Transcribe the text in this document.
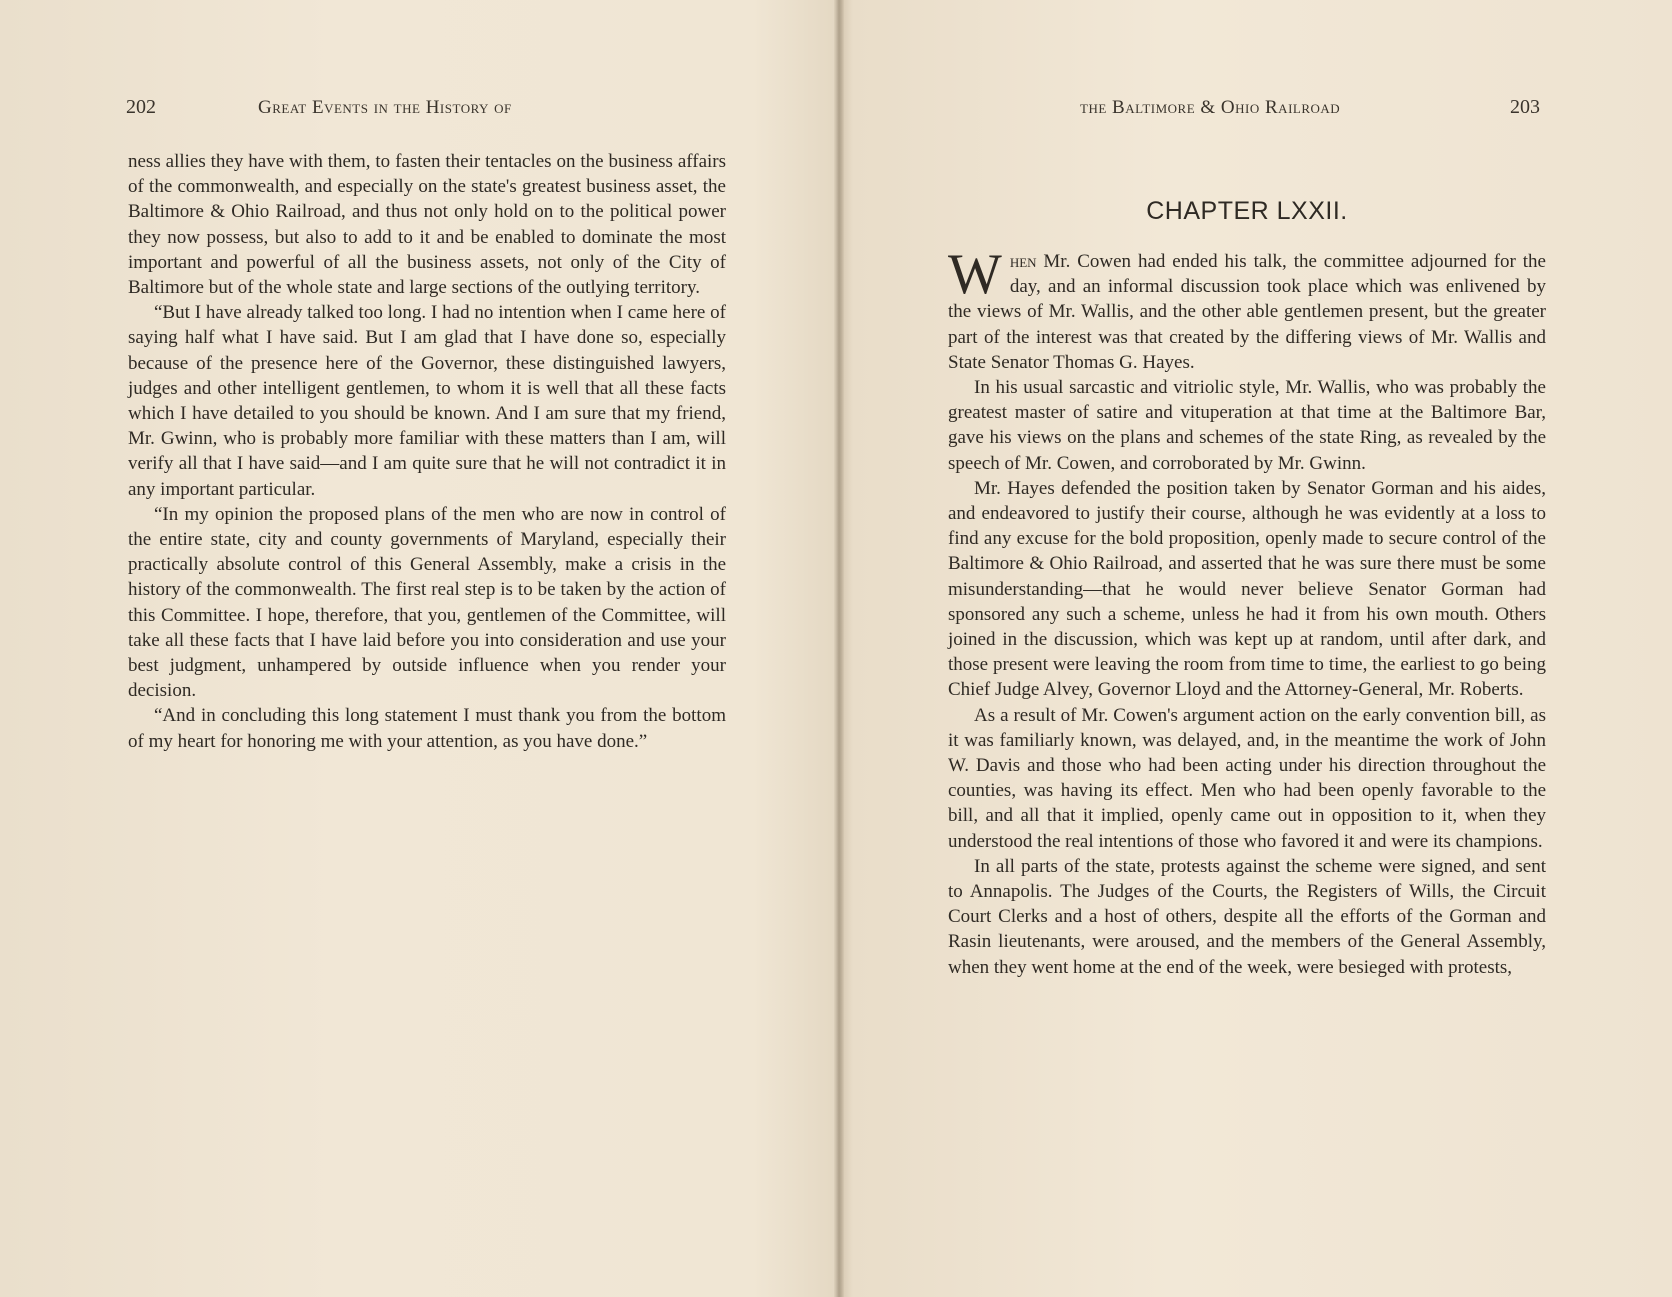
202	Great Events in the History of

ness allies they have with them, to fasten their tentacles on the business affairs of the commonwealth, and especially on the state's greatest business asset, the Baltimore & Ohio Railroad, and thus not only hold on to the political power they now possess, but also to add to it and be enabled to dominate the most important and powerful of all the business assets, not only of the City of Baltimore but of the whole state and large sections of the outlying territory.

“But I have already talked too long. I had no intention when I came here of saying half what I have said. But I am glad that I have done so, especially because of the presence here of the Governor, these distinguished lawyers, judges and other intelligent gentlemen, to whom it is well that all these facts which I have detailed to you should be known. And I am sure that my friend, Mr. Gwinn, who is probably more familiar with these matters than I am, will verify all that I have said—and I am quite sure that he will not contradict it in any important particular.

“In my opinion the proposed plans of the men who are now in control of the entire state, city and county governments of Maryland, especially their practically absolute control of this General Assembly, make a crisis in the history of the commonwealth. The first real step is to be taken by the action of this Committee. I hope, therefore, that you, gentlemen of the Committee, will take all these facts that I have laid before you into consideration and use your best judgment, unhampered by outside influence when you render your decision.

“And in concluding this long statement I must thank you from the bottom of my heart for honoring me with your attention, as you have done.”

the Baltimore & Ohio Railroad	203
CHAPTER LXXII.

When Mr. Cowen had ended his talk, the committee adjourned for the day, and an informal discussion took place which was enlivened by the views of Mr. Wallis, and the other able gentlemen present, but the greater part of the interest was that created by the differing views of Mr. Wallis and State Senator Thomas G. Hayes.

In his usual sarcastic and vitriolic style, Mr. Wallis, who was probably the greatest master of satire and vituperation at that time at the Baltimore Bar, gave his views on the plans and schemes of the state Ring, as revealed by the speech of Mr. Cowen, and corroborated by Mr. Gwinn.

Mr. Hayes defended the position taken by Senator Gorman and his aides, and endeavored to justify their course, although he was evidently at a loss to find any excuse for the bold proposition, openly made to secure control of the Baltimore & Ohio Railroad, and asserted that he was sure there must be some misunderstanding—that he would never believe Senator Gorman had sponsored any such a scheme, unless he had it from his own mouth. Others joined in the discussion, which was kept up at random, until after dark, and those present were leaving the room from time to time, the earliest to go being Chief Judge Alvey, Governor Lloyd and the Attorney-General, Mr. Roberts.

As a result of Mr. Cowen's argument action on the early convention bill, as it was familiarly known, was delayed, and, in the meantime the work of John W. Davis and those who had been acting under his direction throughout the counties, was having its effect. Men who had been openly favorable to the bill, and all that it implied, openly came out in opposition to it, when they understood the real intentions of those who favored it and were its champions.

In all parts of the state, protests against the scheme were signed, and sent to Annapolis. The Judges of the Courts, the Registers of Wills, the Circuit Court Clerks and a host of others, despite all the efforts of the Gorman and Rasin lieutenants, were aroused, and the members of the General Assembly, when they went home at the end of the week, were besieged with protests,
